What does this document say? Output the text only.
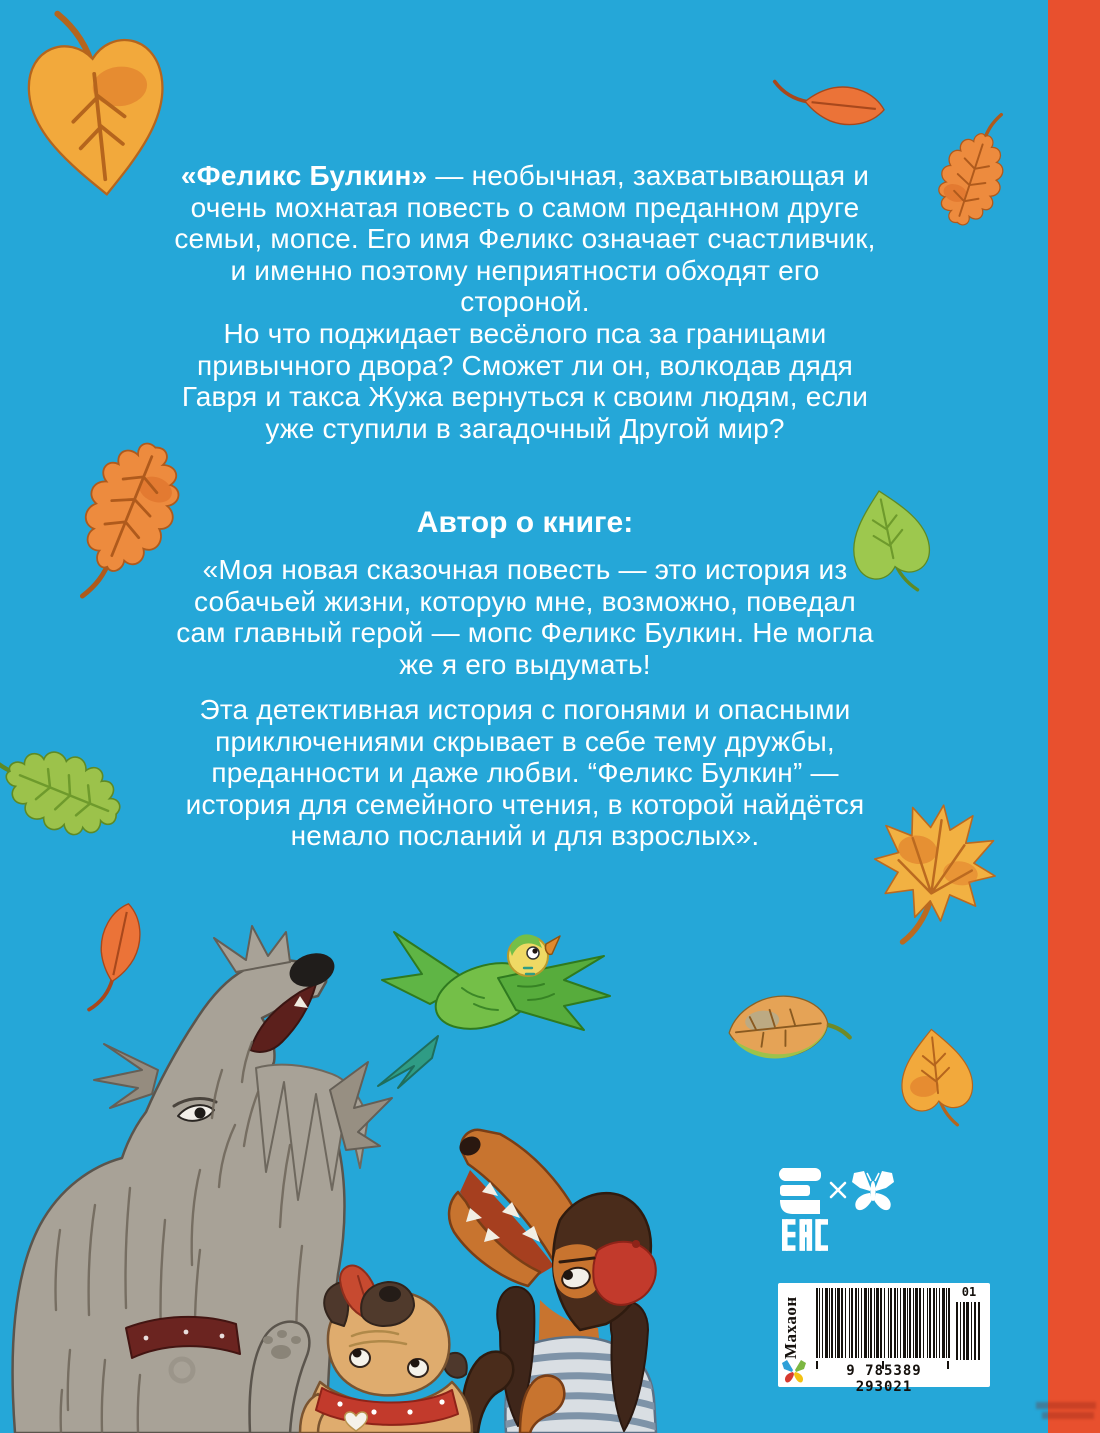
«Феликс Булкин» — необычная, захватывающая и очень мохнатая повесть о самом преданном друге семьи, мопсе. Его имя Феликс означает счастливчик, и именно поэтому неприятности обходят его стороной.

Но что поджидает весёлого пса за границами привычного двора? Сможет ли он, волкодав дядя Гавря и такса Жужа вернуться к своим людям, если уже ступили в загадочный Другой мир?

Автор о книге:

«Моя новая сказочная повесть — это история из собачьей жизни, которую мне, возможно, поведал сам главный герой — мопс Феликс Булкин. Не могла же я его выдумать!

Эта детективная история с погонями и опасными приключениями скрывает в себе тему дружбы, преданности и даже любви. “Феликс Булкин” — история для семейного чтения, в которой найдётся немало посланий и для взрослых».

Махаон
9 785389 293021
01
